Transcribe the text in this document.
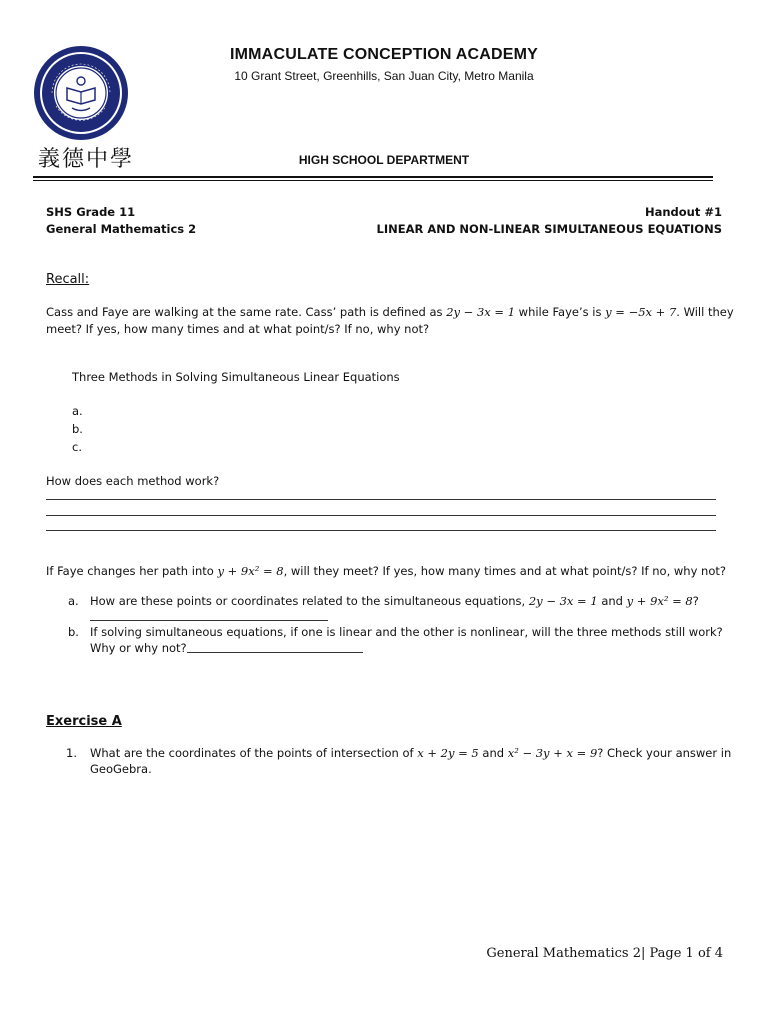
義德中學
IMMACULATE CONCEPTION ACADEMY
10 Grant Street, Greenhills, San Juan City, Metro Manila
HIGH SCHOOL DEPARTMENT
SHS Grade 11
General Mathematics 2
Handout #1
LINEAR AND NON-LINEAR SIMULTANEOUS EQUATIONS
Recall:
Cass and Faye are walking at the same rate. Cass’ path is defined as 2y − 3x = 1 while Faye’s is y = −5x + 7. Will they
meet? If yes, how many times and at what point/s? If no, why not?
Three Methods in Solving Simultaneous Linear Equations
a.
b.
c.
How does each method work?
If Faye changes her path into y + 9x² = 8, will they meet? If yes, how many times and at what point/s? If no, why not?
a. How are these points or coordinates related to the simultaneous equations, 2y − 3x = 1 and y + 9x² = 8?
b. If solving simultaneous equations, if one is linear and the other is nonlinear, will the three methods still work?
Why or why not?
Exercise A
1. What are the coordinates of the points of intersection of x + 2y = 5 and x² − 3y + x = 9? Check your answer in
GeoGebra.
General Mathematics 2| Page 1 of 4
